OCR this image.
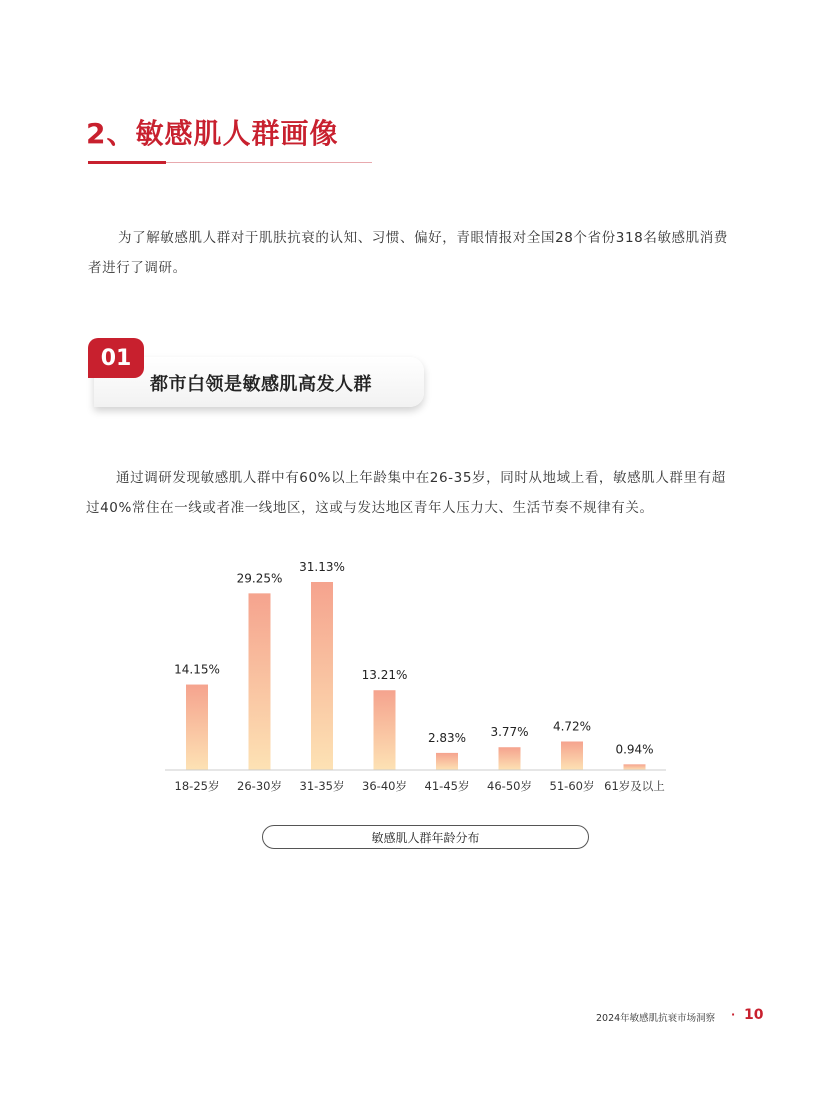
2、敏感肌人群画像
为了解敏感肌人群对于肌肤抗衰的认知、习惯、偏好，青眼情报对全国28个省份318名敏感肌消费者进行了调研。
01
都市白领是敏感肌高发人群
通过调研发现敏感肌人群中有60%以上年龄集中在26-35岁，同时从地域上看，敏感肌人群里有超过40%常住在一线或者准一线地区，这或与发达地区青年人压力大、生活节奏不规律有关。
14.15%
18-25岁
29.25%
26-30岁
31.13%
31-35岁
13.21%
36-40岁
2.83%
41-45岁
3.77%
46-50岁
4.72%
51-60岁
0.94%
61岁及以上
敏感肌人群年龄分布
2024年敏感肌抗衰市场洞察 · 10
